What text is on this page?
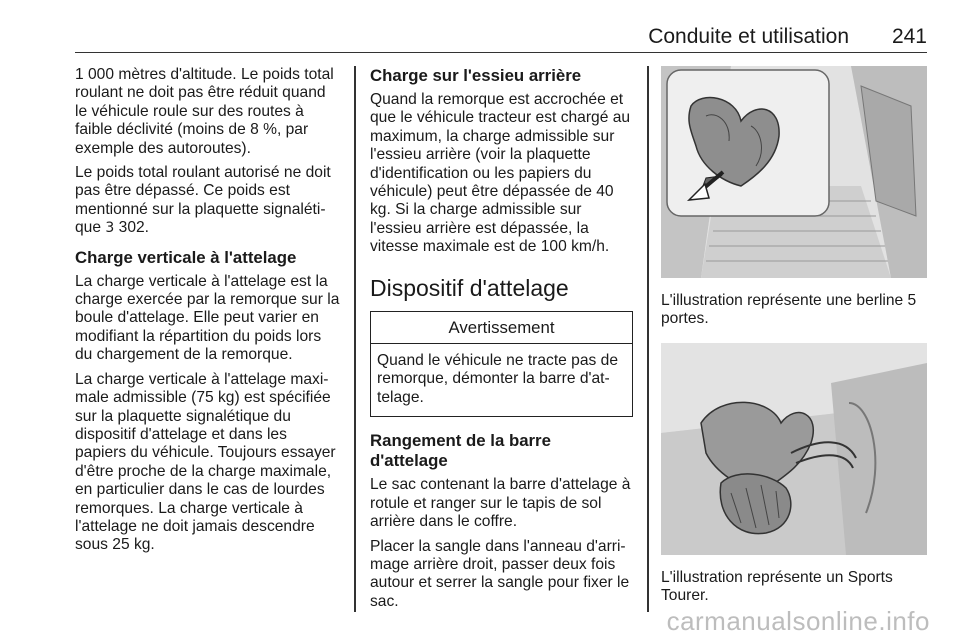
Conduite et utilisation 241

1 000 mètres d'altitude. Le poids total roulant ne doit pas être réduit quand le véhicule roule sur des routes à faible déclivité (moins de 8 %, par exemple des autoroutes).

Le poids total roulant autorisé ne doit pas être dépassé. Ce poids est mentionné sur la plaquette signaléti-que 3 302.

Charge verticale à l'attelage

La charge verticale à l'attelage est la charge exercée par la remorque sur la boule d'attelage. Elle peut varier en modifiant la répartition du poids lors du chargement de la remorque.

La charge verticale à l'attelage maxi-male admissible (75 kg) est spécifiée sur la plaquette signalétique du dispositif d'attelage et dans les papiers du véhicule. Toujours essayer d'être proche de la charge maximale, en particulier dans le cas de lourdes remorques. La charge verticale à l'attelage ne doit jamais descendre sous 25 kg.

Charge sur l'essieu arrière

Quand la remorque est accrochée et que le véhicule tracteur est chargé au maximum, la charge admissible sur l'essieu arrière (voir la plaquette d'identification ou les papiers du véhicule) peut être dépassée de 40 kg. Si la charge admissible sur l'essieu arrière est dépassée, la vitesse maximale est de 100 km/h.

Dispositif d'attelage
Avertissement
Quand le véhicule ne tracte pas de remorque, démonter la barre d'at-telage.
Rangement de la barre d'attelage

Le sac contenant la barre d'attelage à rotule et ranger sur le tapis de sol arrière dans le coffre.

Placer la sangle dans l'anneau d'arri-mage arrière droit, passer deux fois autour et serrer la sangle pour fixer le sac.

L'illustration représente une berline 5 portes.

L'illustration représente un Sports Tourer.

carmanualsonline.info
